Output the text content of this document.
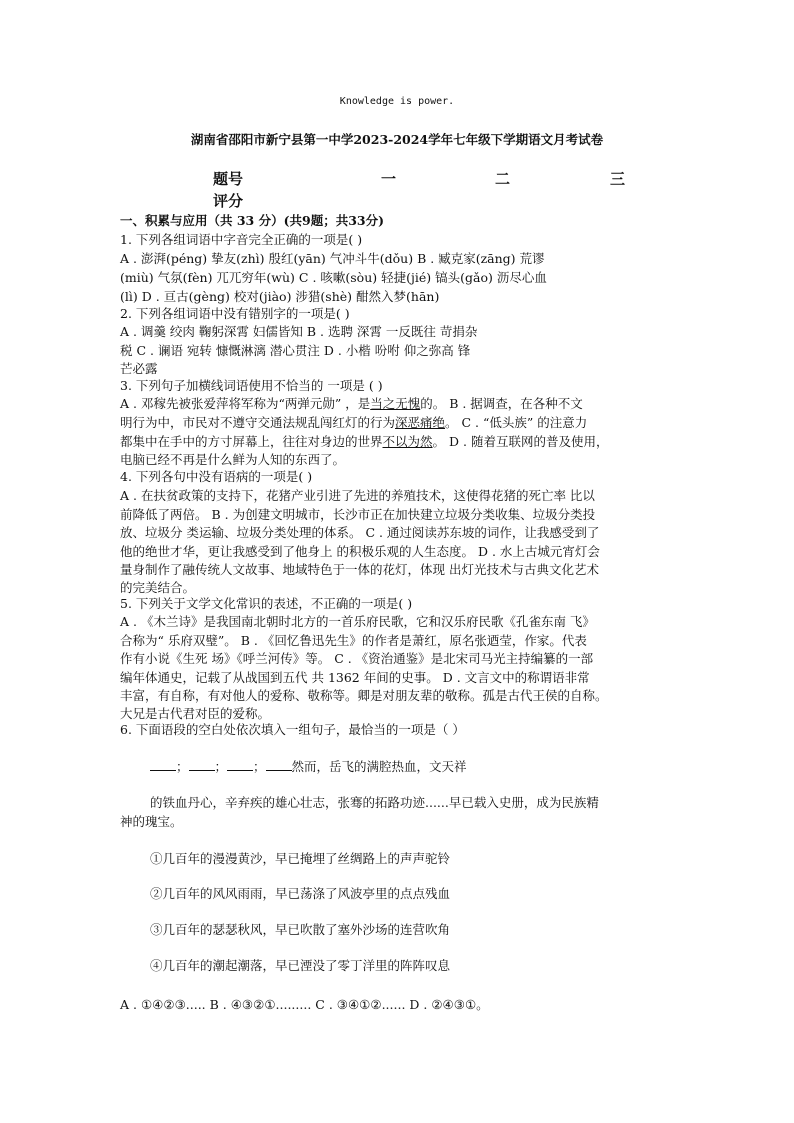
Knowledge is power.
湖南省邵阳市新宁县第一中学2023-2024学年七年级下学期语文月考试卷
题号	一	二	三
评分
一、积累与应用（共 33 分）(共9题；共33分)
1. 下列各组词语中字音完全正确的一项是( )
A . 澎湃(péng) 挚友(zhì) 殷红(yān) 气冲斗牛(dǒu) B . 臧克家(zāng) 荒谬
(miù) 气氛(fèn) 兀兀穷年(wù) C . 咳嗽(sòu) 轻捷(jié) 镐头(gǎo) 沥尽心血
(lì) D . 亘古(gèng) 校对(jiào) 涉猎(shè) 酣然入梦(hān)
2. 下列各组词语中没有错别字的一项是( )
A . 调羹 绞肉 鞠躬深霄 妇儒皆知 B . 选聘 深霄 一反既往 苛捐杂
税 C . 谰语 宛转 慷慨淋漓 潜心贯注 D . 小楷 吩咐 仰之弥高 锋
芒必露
3. 下列句子加横线词语使用不恰当的 一项是 ( )
A . 邓稼先被张爱萍将军称为“两弹元勋” ，是当之无愧的。 B . 据调查，在各种不文
明行为中，市民对不遵守交通法规乱闯红灯的行为深恶痛绝。 C . “低头族” 的注意力
都集中在手中的方寸屏幕上，往往对身边的世界不以为然。 D . 随着互联网的普及使用，
电脑已经不再是什么鲜为人知的东西了。
4. 下列各句中没有语病的一项是( )
A . 在扶贫政策的支持下，花猪产业引进了先进的养殖技术，这使得花猪的死亡率 比以
前降低了两倍。 B . 为创建文明城市，长沙市正在加快建立垃圾分类收集、垃圾分类投
放、垃圾分 类运输、垃圾分类处理的体系。 C . 通过阅读苏东坡的词作，让我感受到了
他的绝世才华，更让我感受到了他身上 的积极乐观的人生态度。 D . 水上古城元宵灯会
量身制作了融传统人文故事、地域特色于一体的花灯，体现 出灯光技术与古典文化艺术
的完美结合。
5. 下列关于文学文化常识的表述，不正确的一项是( )
A . 《木兰诗》是我国南北朝时北方的一首乐府民歌，它和汉乐府民歌《孔雀东南 飞》
合称为“ 乐府双璧”。 B . 《回忆鲁迅先生》的作者是萧红，原名张迺莹，作家。代表
作有小说《生死 场》《呼兰河传》等。 C . 《资治通鉴》是北宋司马光主持编纂的一部
编年体通史，记载了从战国到五代 共 1362 年间的史事。 D . 文言文中的称谓语非常
丰富，有自称，有对他人的爱称、敬称等。卿是对朋友辈的敬称。孤是古代王侯的自称。
大兄是古代君对臣的爱称。
6. 下面语段的空白处依次填入一组句子，最恰当的一项是（ ）
； ； ； 然而，岳飞的满腔热血，文天祥
的铁血丹心，辛弃疾的雄心壮志，张骞的拓路功迹......早已载入史册，成为民族精
神的瑰宝。
①几百年的漫漫黄沙，早已掩埋了丝绸路上的声声驼铃
②几百年的风风雨雨，早已荡涤了风波亭里的点点残血
③几百年的瑟瑟秋风，早已吹散了塞外沙场的连营吹角
④几百年的潮起潮落，早已湮没了零丁洋里的阵阵叹息
A . ①④②③..... B . ④③②①......... C . ③④①②...... D . ②④③①。
